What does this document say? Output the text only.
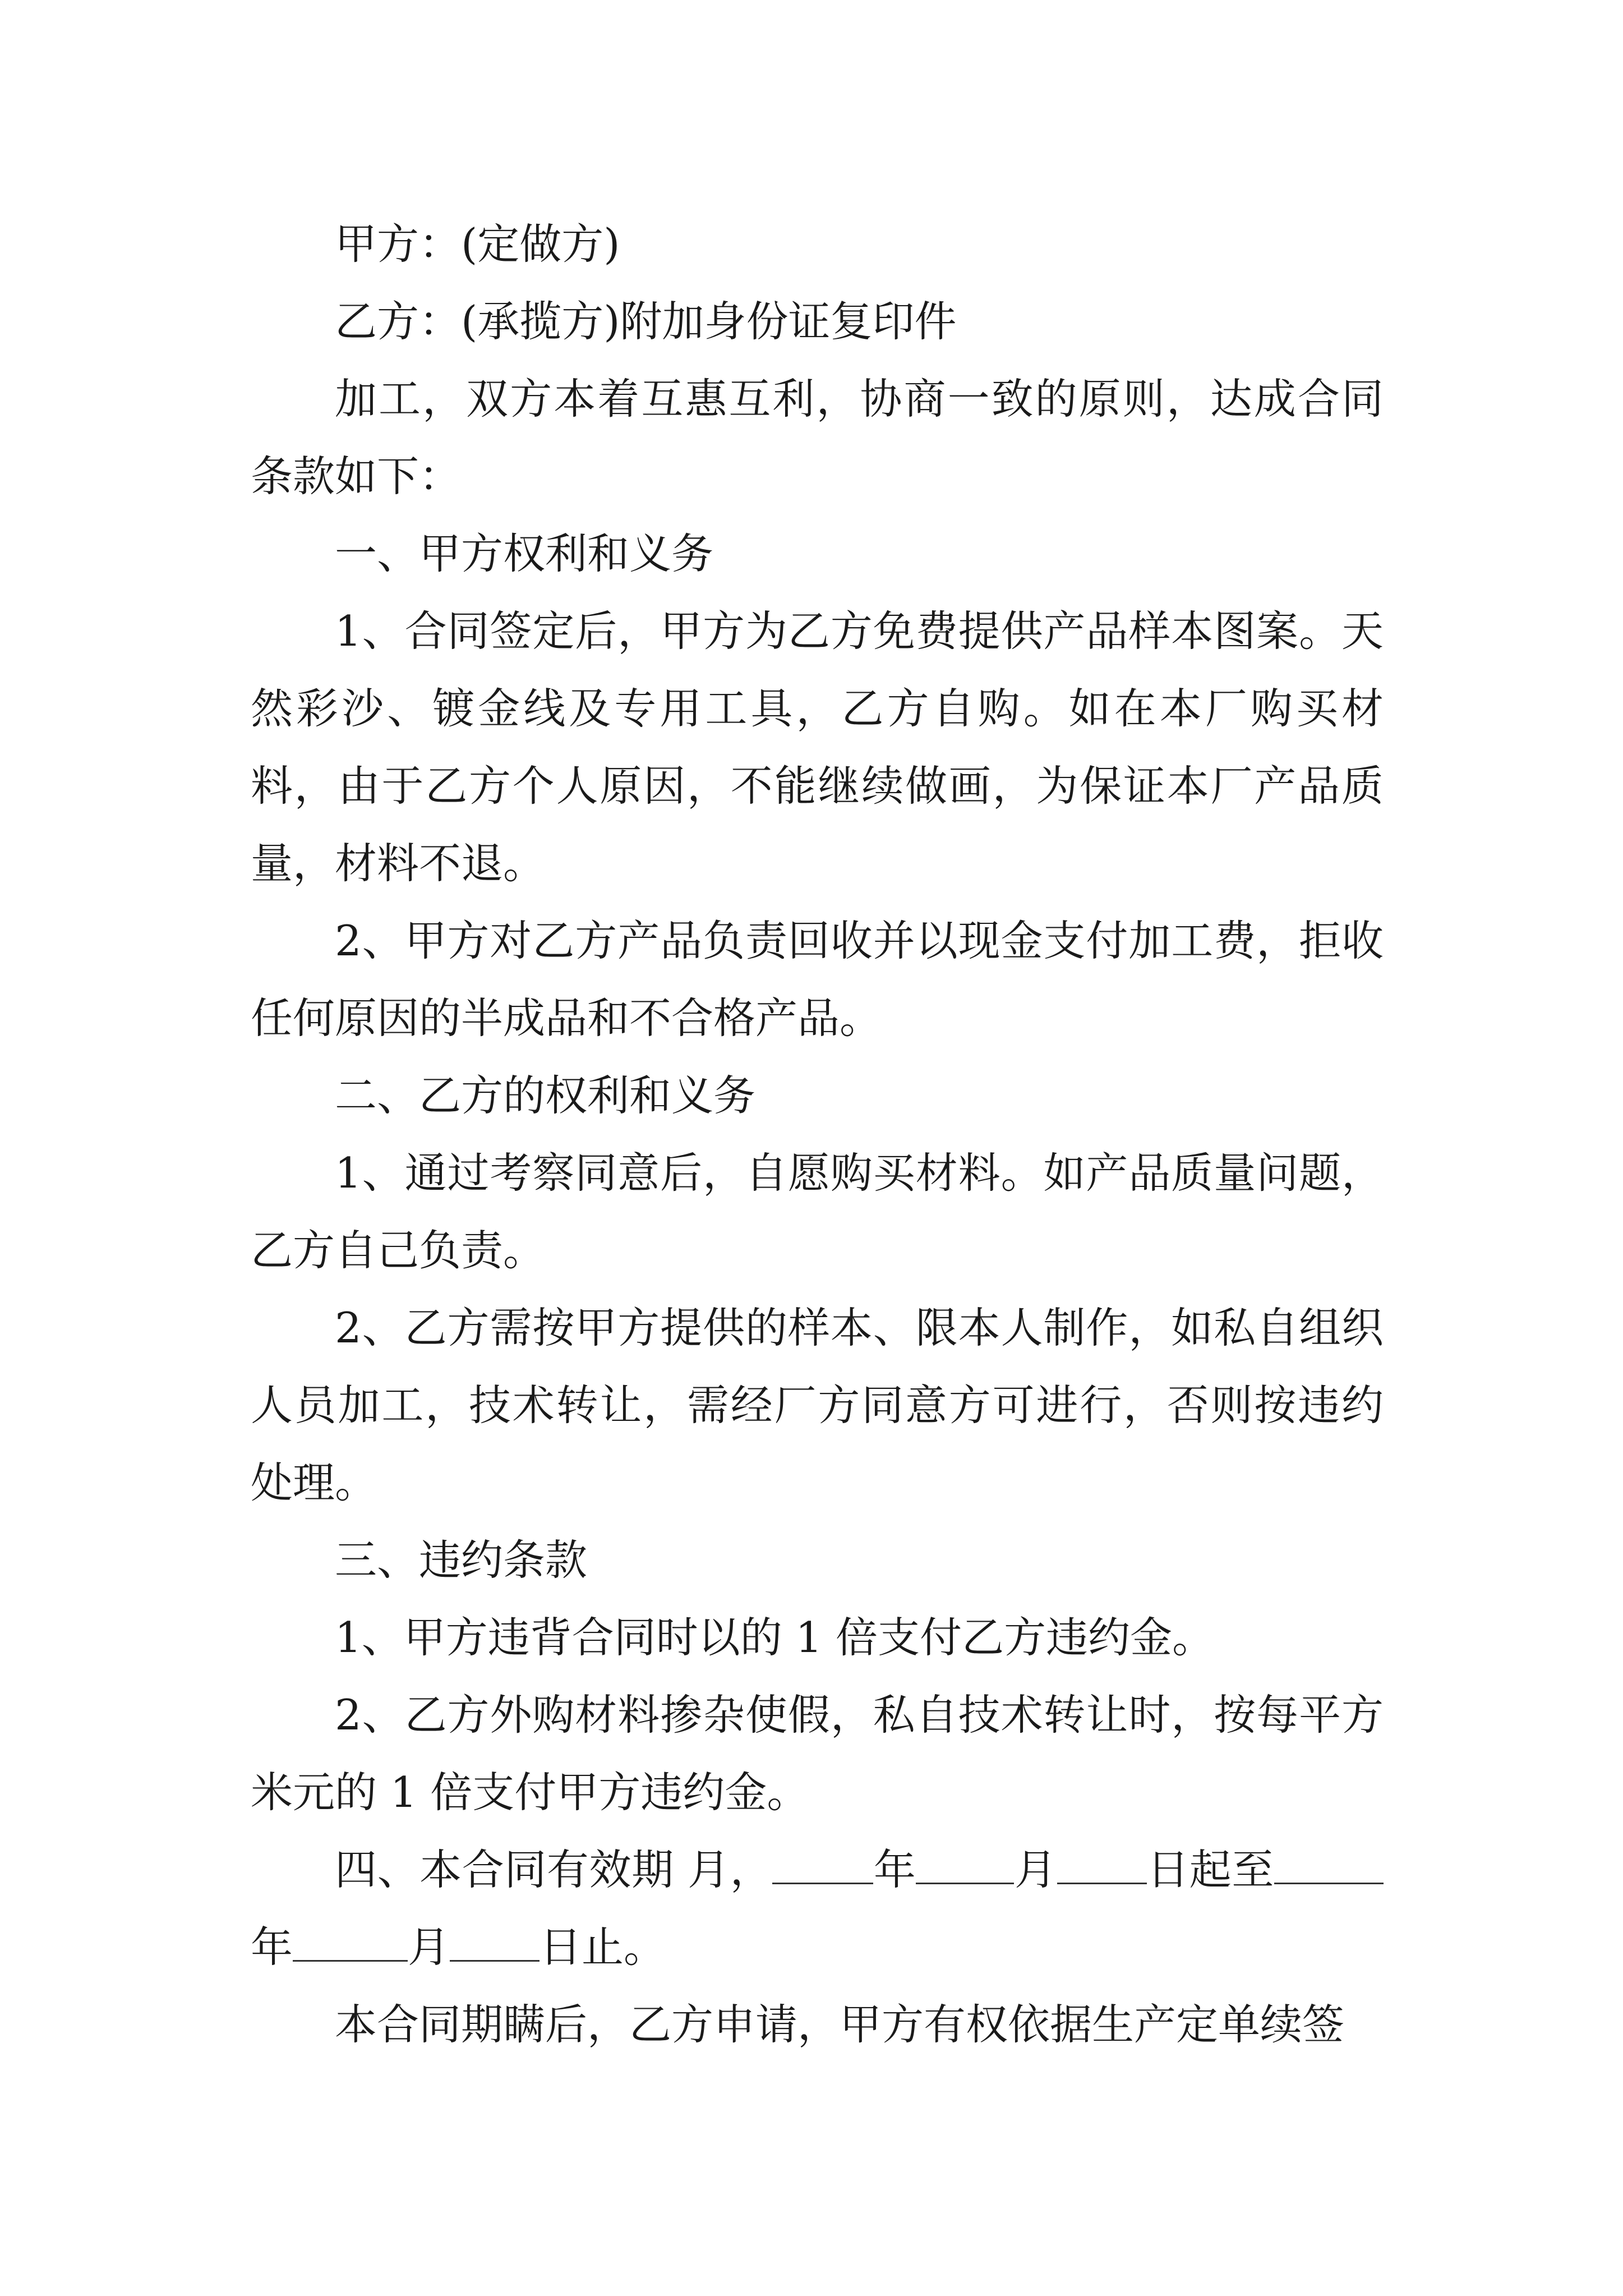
甲方：(定做方)

乙方：(承揽方)附加身份证复印件

加工，双方本着互惠互利，协商一致的原则，达成合同条款如下：

一、甲方权利和义务

1、合同签定后，甲方为乙方免费提供产品样本图案。天然彩沙、镀金线及专用工具，乙方自购。如在本厂购买材料，由于乙方个人原因，不能继续做画，为保证本厂产品质量，材料不退。

2、甲方对乙方产品负责回收并以现金支付加工费，拒收任何原因的半成品和不合格产品。

二、乙方的权利和义务

1、通过考察同意后，自愿购买材料。如产品质量问题，乙方自己负责。

2、乙方需按甲方提供的样本、限本人制作，如私自组织人员加工，技术转让，需经厂方同意方可进行，否则按违约处理。

三、违约条款

1、甲方违背合同时以的 1 倍支付乙方违约金。

2、乙方外购材料掺杂使假，私自技术转让时，按每平方米元的 1 倍支付甲方违约金。

四、本合同有效期 月， 年 月 日起至年	月 日止。

本合同期瞒后，乙方申请，甲方有权依据生产定单续签
